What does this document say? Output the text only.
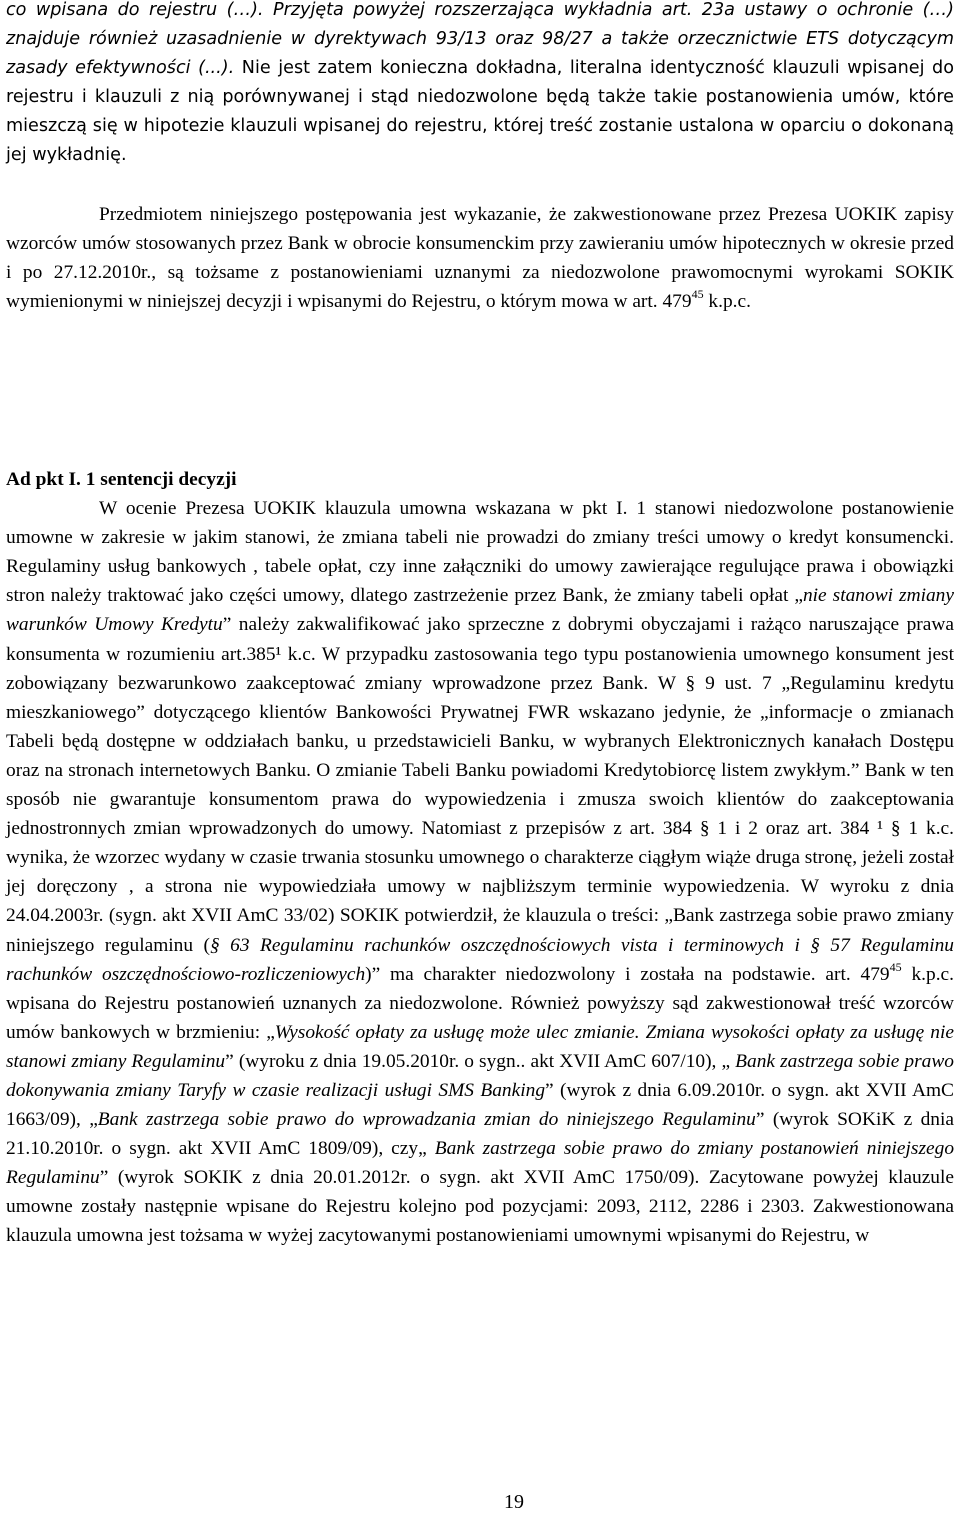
co wpisana do rejestru (…). Przyjęta powyżej rozszerzająca wykładnia art. 23a ustawy o ochronie (…) znajduje również uzasadnienie w dyrektywach 93/13 oraz 98/27 a także orzecznictwie ETS dotyczącym zasady efektywności (...). Nie jest zatem konieczna dokładna, literalna identyczność klauzuli wpisanej do rejestru i klauzuli z nią porównywanej i stąd niedozwolone będą także takie postanowienia umów, które mieszczą się w hipotezie klauzuli wpisanej do rejestru, której treść zostanie ustalona w oparciu o dokonaną jej wykładnię.

Przedmiotem niniejszego postępowania jest wykazanie, że zakwestionowane przez Prezesa UOKIK zapisy wzorców umów stosowanych przez Bank w obrocie konsumenckim przy zawieraniu umów hipotecznych w okresie przed i po 27.12.2010r., są tożsame z postanowieniami uznanymi za niedozwolone prawomocnymi wyrokami SOKIK wymienionymi w niniejszej decyzji i wpisanymi do Rejestru, o którym mowa w art. $479^{45}$ k.p.c.

Ad pkt I. 1 sentencji decyzji
W ocenie Prezesa UOKIK klauzula umowna wskazana w pkt I. 1 stanowi niedozwolone postanowienie umowne w zakresie w jakim stanowi, że zmiana tabeli nie prowadzi do zmiany treści umowy o kredyt konsumencki. Regulaminy usług bankowych , tabele opłat, czy inne załączniki do umowy zawierające regulujące prawa i obowiązki stron należy traktować jako części umowy, dlatego zastrzeżenie przez Bank, że zmiany tabeli opłat „nie stanowi zmiany warunków Umowy Kredytu” należy zakwalifikować jako sprzeczne z dobrymi obyczajami i rażąco naruszające prawa konsumenta w rozumieniu art.385¹ k.c. W przypadku zastosowania tego typu postanowienia umownego konsument jest zobowiązany bezwarunkowo zaakceptować zmiany wprowadzone przez Bank. W § 9 ust. 7 „Regulaminu kredytu mieszkaniowego” dotyczącego klientów Bankowości Prywatnej FWR wskazano jedynie, że „informacje o zmianach Tabeli będą dostępne w oddziałach banku, u przedstawicieli Banku, w wybranych Elektronicznych kanałach Dostępu oraz na stronach internetowych Banku. O zmianie Tabeli Banku powiadomi Kredytobiorcę listem zwykłym.” Bank w ten sposób nie gwarantuje konsumentom prawa do wypowiedzenia i zmusza swoich klientów do zaakceptowania jednostronnych zmian wprowadzonych do umowy. Natomiast z przepisów z art. 384 § 1 i 2 oraz art. 384 ¹ § 1 k.c. wynika, że wzorzec wydany w czasie trwania stosunku umownego o charakterze ciągłym wiąże druga stronę, jeżeli został jej doręczony , a strona nie wypowiedziała umowy w najbliższym terminie wypowiedzenia. W wyroku z dnia 24.04.2003r. (sygn. akt XVII AmC 33/02) SOKIK potwierdził, że klauzula o treści: „Bank zastrzega sobie prawo zmiany niniejszego regulaminu (§ 63 Regulaminu rachunków oszczędnościowych vista i terminowych i § 57 Regulaminu rachunków oszczędnościowo-rozliczeniowych)” ma charakter niedozwolony i została na podstawie. art. $479^{45}$ k.p.c. wpisana do Rejestru postanowień uznanych za niedozwolone. Również powyższy sąd zakwestionował treść wzorców umów bankowych w brzmieniu: „Wysokość opłaty za usługę może ulec zmianie. Zmiana wysokości opłaty za usługę nie stanowi zmiany Regulaminu” (wyroku z dnia 19.05.2010r. o sygn.. akt XVII AmC 607/10), „ Bank zastrzega sobie prawo dokonywania zmiany Taryfy w czasie realizacji usługi SMS Banking” (wyrok z dnia 6.09.2010r. o sygn. akt XVII AmC 1663/09), „Bank zastrzega sobie prawo do wprowadzania zmian do niniejszego Regulaminu” (wyrok SOKiK z dnia 21.10.2010r. o sygn. akt XVII AmC 1809/09), czy„ Bank zastrzega sobie prawo do zmiany postanowień niniejszego Regulaminu” (wyrok SOKIK z dnia 20.01.2012r. o sygn. akt XVII AmC 1750/09). Zacytowane powyżej klauzule umowne zostały następnie wpisane do Rejestru kolejno pod pozycjami: 2093, 2112, 2286 i 2303. Zakwestionowana klauzula umowna jest tożsama w wyżej zacytowanymi postanowieniami umownymi wpisanymi do Rejestru, w

19
